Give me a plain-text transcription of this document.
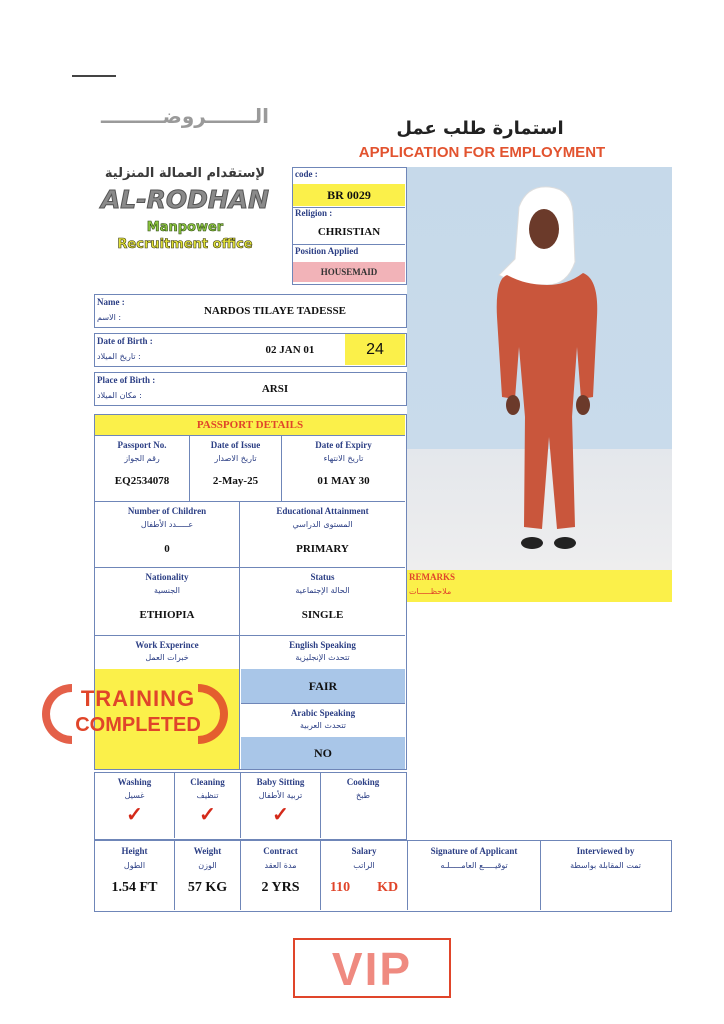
استمارة طلب عمل
APPLICATION FOR EMPLOYMENT
الـــــــروضـــــــــ
لإستقدام العمالة المنزلية
AL-RODHAN
Manpower
Recruitment office
code :
BR 0029
Religion :
CHRISTIAN
Position Applied
HOUSEMAID
Name :
الاسم :
NARDOS TILAYE TADESSE
Date of Birth :
تاريخ الميلاد :
02 JAN 01	24
Place of Birth :
مكان الميلاد :
ARSI
PASSPORT DETAILS
Passport No.
رقم الجواز
EQ2534078
Date of Issue
تاريخ الاصدار
2-May-25
Date of Expiry
تاريخ الانتهاء
01 MAY 30
Number of Children
عـــــدد الأطفال
0
Educational Attainment
المستوى الدراسي
PRIMARY
Nationality
الجنسية
ETHIOPIA
Status
الحالة الإجتماعية
SINGLE
Work Experince
خبرات العمل
English Speaking
تتحدث الإنجليزية
FAIR
Arabic Speaking
تتحدث العربية
NO
TRAINING
COMPLETED
REMARKS
ملاحظـــــات
Washing
غسيل
✓
Cleaning
تنظيف
✓
Baby Sitting
تربية الأطفال
✓
Cooking
طبخ
Height
الطول
1.54 FT
Weight
الوزن
57 KG
Contract
مدة العقد
2 YRS
Salary
الراتب
110 KD
Signature of Applicant
توقيـــــع العامـــــلـه
Interviewed by
تمت المقابلة بواسطة
VIP
